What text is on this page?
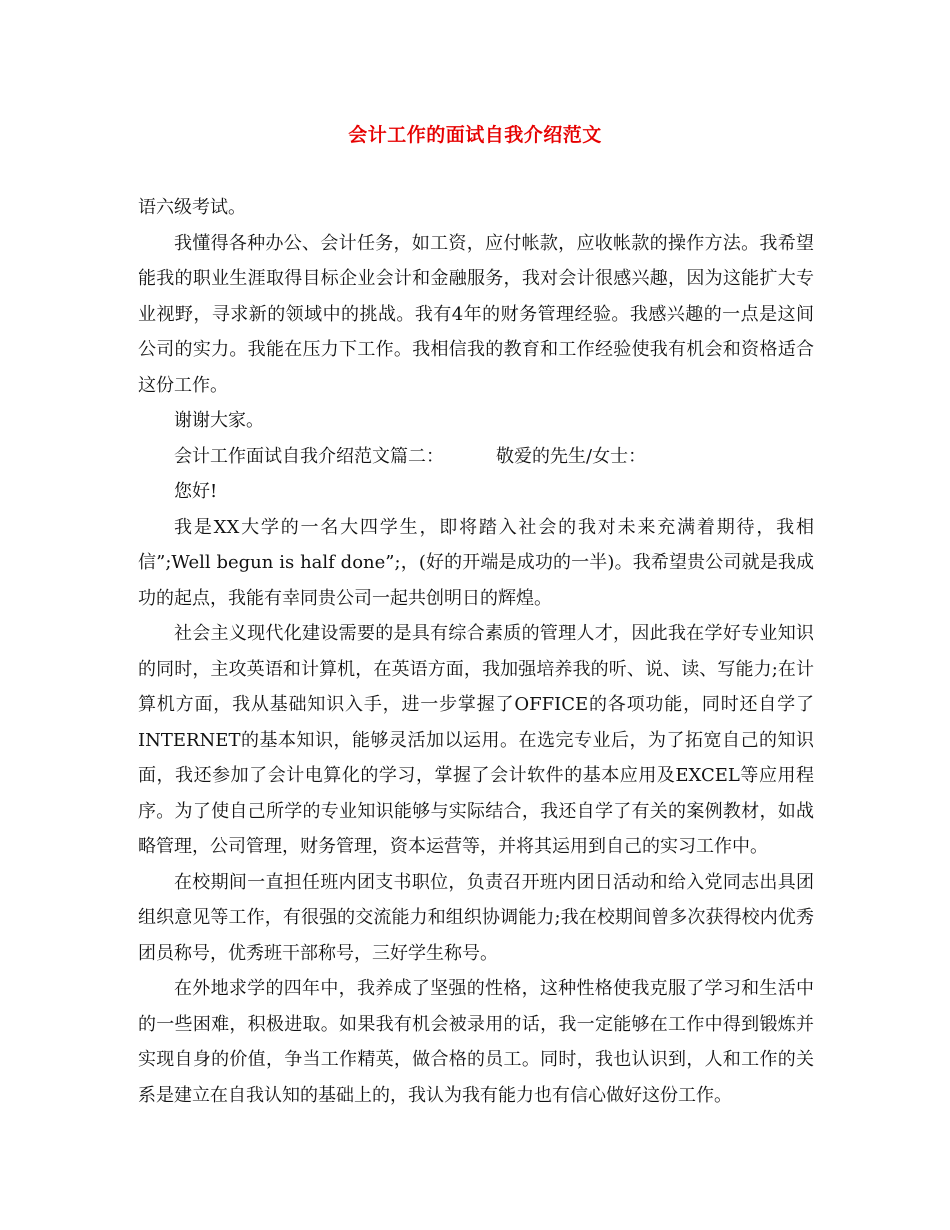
会计工作的面试自我介绍范文

语六级考试。

我懂得各种办公、会计任务，如工资，应付帐款，应收帐款的操作方法。我希望能我的职业生涯取得目标企业会计和金融服务，我对会计很感兴趣，因为这能扩大专业视野，寻求新的领域中的挑战。我有4年的财务管理经验。我感兴趣的一点是这间公司的实力。我能在压力下工作。我相信我的教育和工作经验使我有机会和资格适合这份工作。

谢谢大家。

会计工作面试自我介绍范文篇二：	敬爱的先生/女士：

您好!

我是XX大学的一名大四学生，即将踏入社会的我对未来充满着期待，我相信”;Well begun is half done”;，(好的开端是成功的一半)。我希望贵公司就是我成功的起点，我能有幸同贵公司一起共创明日的辉煌。

社会主义现代化建设需要的是具有综合素质的管理人才，因此我在学好专业知识的同时，主攻英语和计算机，在英语方面，我加强培养我的听、说、读、写能力;在计算机方面，我从基础知识入手，进一步掌握了OFFICE的各项功能，同时还自学了INTERNET的基本知识，能够灵活加以运用。在选完专业后，为了拓宽自己的知识面，我还参加了会计电算化的学习，掌握了会计软件的基本应用及EXCEL等应用程序。为了使自己所学的专业知识能够与实际结合，我还自学了有关的案例教材，如战略管理，公司管理，财务管理，资本运营等，并将其运用到自己的实习工作中。

在校期间一直担任班内团支书职位，负责召开班内团日活动和给入党同志出具团组织意见等工作，有很强的交流能力和组织协调能力;我在校期间曾多次获得校内优秀团员称号，优秀班干部称号，三好学生称号。

在外地求学的四年中，我养成了坚强的性格，这种性格使我克服了学习和生活中的一些困难，积极进取。如果我有机会被录用的话，我一定能够在工作中得到锻炼并实现自身的价值，争当工作精英，做合格的员工。同时，我也认识到，人和工作的关系是建立在自我认知的基础上的，我认为我有能力也有信心做好这份工作。
